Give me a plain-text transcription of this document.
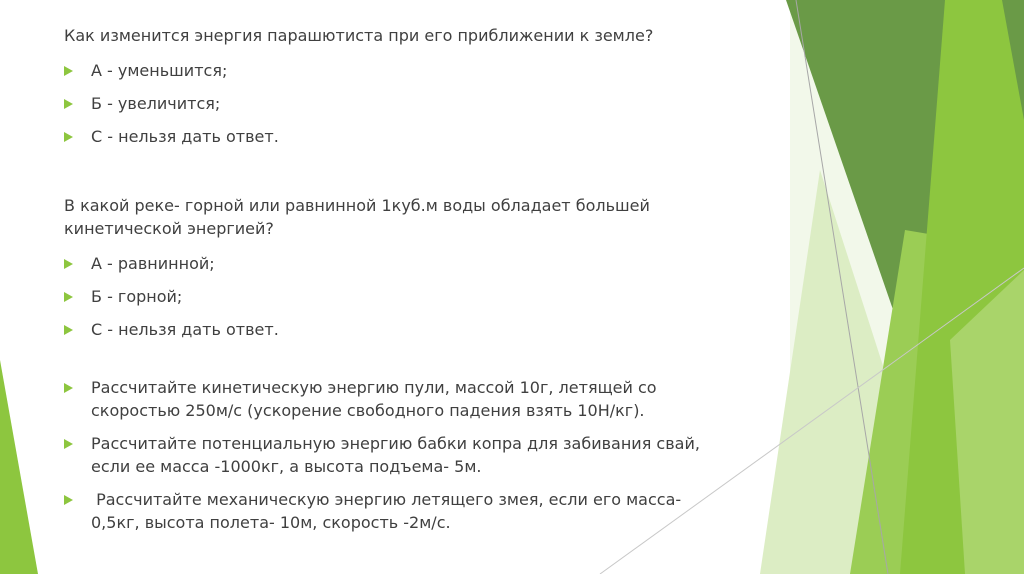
Как изменится энергия парашютиста при его приближении к земле?
А - уменьшится;
Б - увеличится;
С - нельзя дать ответ.
В какой реке- горной или равнинной 1куб.м воды обладает большей
кинетической энергией?
А - равнинной;
Б - горной;
С - нельзя дать ответ.
Рассчитайте кинетическую энергию пули, массой 10г, летящей со
скоростью 250м/с (ускорение свободного падения взять 10Н/кг).
Рассчитайте потенциальную энергию бабки копра для забивания свай,
если ее масса -1000кг, а высота подъема- 5м.
Рассчитайте механическую энергию летящего змея, если его масса-
0,5кг, высота полета- 10м, скорость -2м/с.
